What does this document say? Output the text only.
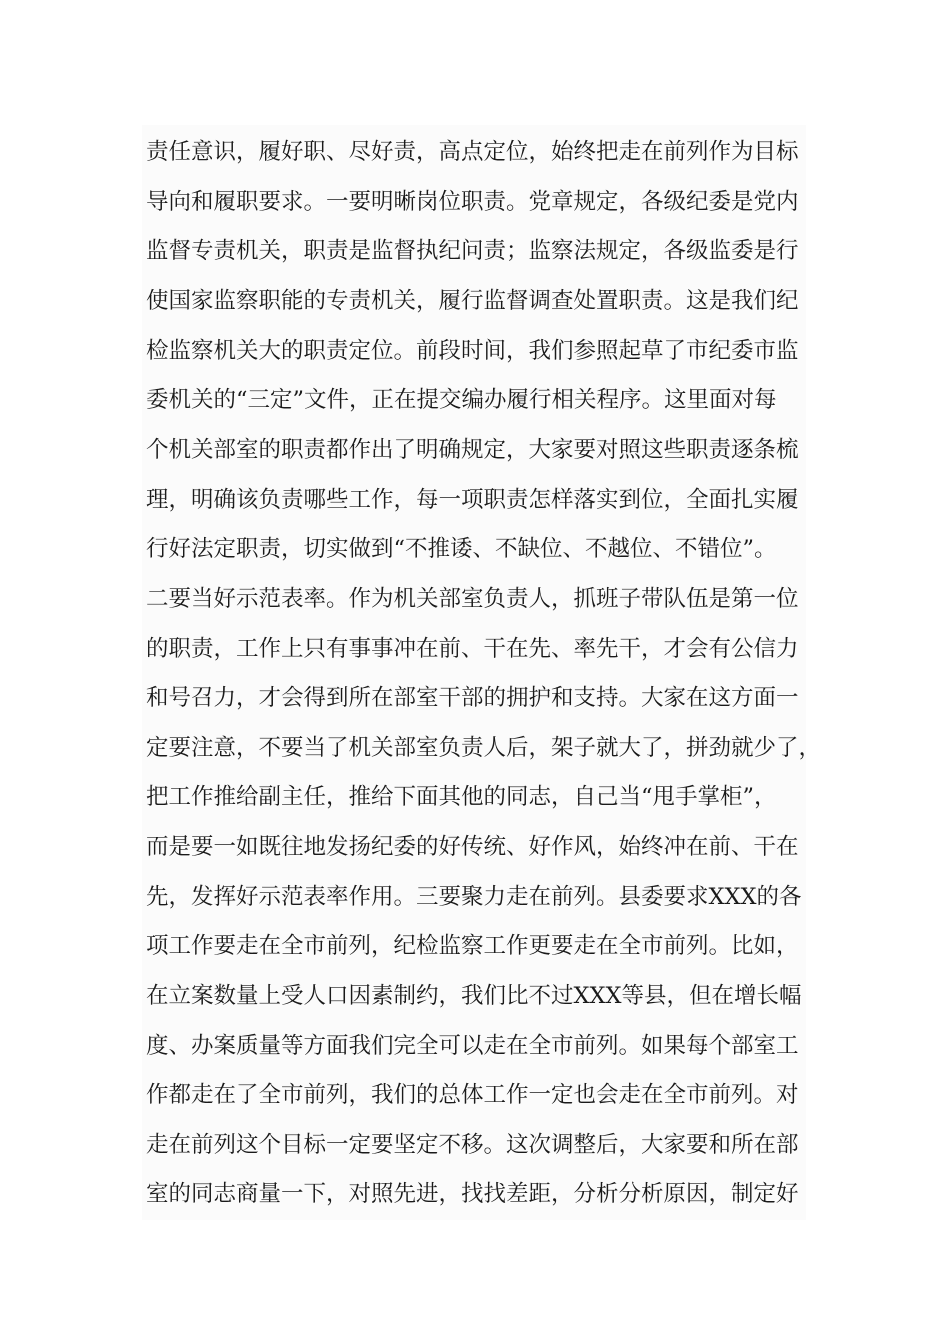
责任意识，履好职、尽好责，高点定位，始终把走在前列作为目标
导向和履职要求。一要明晰岗位职责。党章规定，各级纪委是党内
监督专责机关，职责是监督执纪问责；监察法规定，各级监委是行
使国家监察职能的专责机关，履行监督调查处置职责。这是我们纪
检监察机关大的职责定位。前段时间，我们参照起草了市纪委市监
委机关的“三定”文件，正在提交编办履行相关程序。这里面对每
个机关部室的职责都作出了明确规定，大家要对照这些职责逐条梳
理，明确该负责哪些工作，每一项职责怎样落实到位，全面扎实履
行好法定职责，切实做到“不推诿、不缺位、不越位、不错位”。
二要当好示范表率。作为机关部室负责人，抓班子带队伍是第一位
的职责，工作上只有事事冲在前、干在先、率先干，才会有公信力
和号召力，才会得到所在部室干部的拥护和支持。大家在这方面一
定要注意，不要当了机关部室负责人后，架子就大了，拼劲就少了，
把工作推给副主任，推给下面其他的同志，自己当“甩手掌柜”，
而是要一如既往地发扬纪委的好传统、好作风，始终冲在前、干在
先，发挥好示范表率作用。三要聚力走在前列。县委要求XXX的各
项工作要走在全市前列，纪检监察工作更要走在全市前列。比如，
在立案数量上受人口因素制约，我们比不过XXX等县，但在增长幅
度、办案质量等方面我们完全可以走在全市前列。如果每个部室工
作都走在了全市前列，我们的总体工作一定也会走在全市前列。对
走在前列这个目标一定要坚定不移。这次调整后，大家要和所在部
室的同志商量一下，对照先进，找找差距，分析分析原因，制定好
